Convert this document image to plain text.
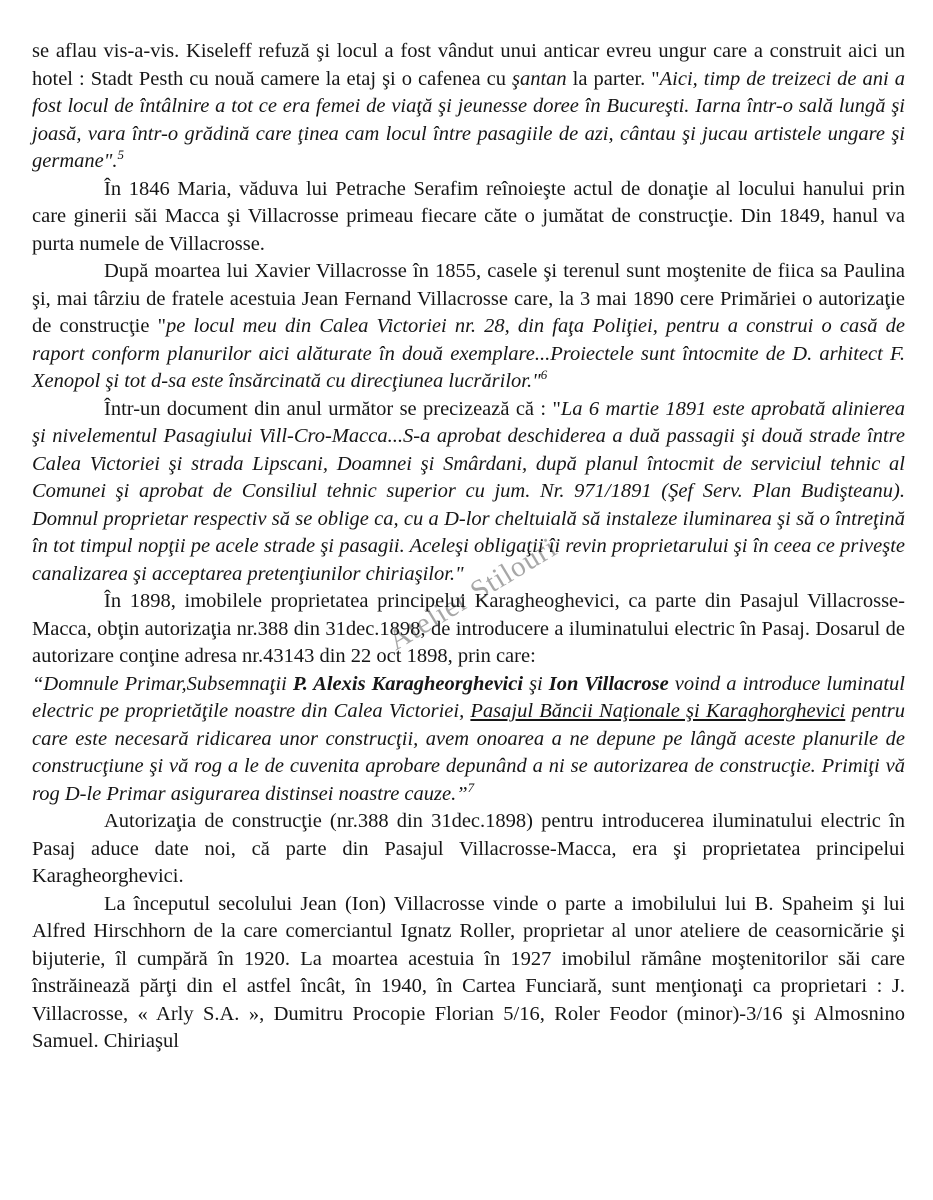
Atelier Stilouri

se aflau vis-a-vis. Kiseleff refuză şi locul a fost vândut unui anticar evreu ungur care a construit aici un hotel : Stadt Pesth cu nouă camere la etaj şi o cafenea cu şantan la parter. "Aici, timp de treizeci de ani a fost locul de întâlnire a tot ce era femei de viaţă şi jeunesse doree în Bucureşti. Iarna într-o sală lungă şi joasă, vara într-o grădină care ţinea cam locul între pasagiile de azi, cântau şi jucau artistele ungare şi germane".$^5$

În 1846 Maria, văduva lui Petrache Serafim reînoieşte actul de donaţie al locului hanului prin care ginerii săi Macca şi Villacrosse primeau fiecare căte o jumătat de construcţie. Din 1849, hanul va purta numele de Villacrosse.

După moartea lui Xavier Villacrosse în 1855, casele şi terenul sunt moştenite de fiica sa Paulina şi, mai târziu de fratele acestuia Jean Fernand Villacrosse care, la 3 mai 1890 cere Primăriei o autorizaţie de construcţie "pe locul meu din Calea Victoriei nr. 28, din faţa Poliţiei, pentru a construi o casă de raport conform planurilor aici alăturate în două exemplare...Proiectele sunt întocmite de D. arhitect F. Xenopol şi tot d-sa este însărcinată cu direcţiunea lucrărilor."$^6$

Într-un document din anul următor se precizează că : "La 6 martie 1891 este aprobată alinierea şi nivelementul Pasagiului Vill-Cro-Macca...S-a aprobat deschiderea a duă passagii şi două strade între Calea Victoriei şi strada Lipscani, Doamnei şi Smârdani, după planul întocmit de serviciul tehnic al Comunei şi aprobat de Consiliul tehnic superior cu jum. Nr. 971/1891 (Şef Serv. Plan Budişteanu). Domnul proprietar respectiv să se oblige ca, cu a D-lor cheltuială să instaleze iluminarea şi să o întreţină în tot timpul nopţii pe acele strade şi pasagii. Aceleşi obligaţii îi revin proprietarului şi în ceea ce priveşte canalizarea şi acceptarea pretenţiunilor chiriaşilor."

În 1898, imobilele proprietatea principelui Karagheoghevici, ca parte din Pasajul Villacrosse-Macca, obţin autorizaţia nr.388 din 31dec.1898, de introducere a iluminatului electric în Pasaj. Dosarul de autorizare conţine adresa nr.43143 din 22 oct 1898, prin care:

“Domnule Primar,Subsemnaţii P. Alexis Karagheorghevici şi Ion Villacrose voind a introduce luminatul electric pe proprietăţile noastre din Calea Victoriei, Pasajul Băncii Naţionale şi Karaghorghevici pentru care este necesară ridicarea unor construcţii, avem onoarea a ne depune pe lângă aceste planurile de construcţiune şi vă rog a le de cuvenita aprobare depunând a ni se autorizarea de construcţie. Primiţi vă rog D-le Primar asigurarea distinsei noastre cauze.”$^7$

Autorizaţia de construcţie (nr.388 din 31dec.1898) pentru introducerea iluminatului electric în Pasaj aduce date noi, că parte din Pasajul Villacrosse-Macca, era şi proprietatea principelui Karagheorghevici.

La începutul secolului Jean (Ion) Villacrosse vinde o parte a imobilului lui B. Spaheim şi lui Alfred Hirschhorn de la care comerciantul Ignatz Roller, proprietar al unor ateliere de ceasornicărie şi bijuterie, îl cumpără în 1920. La moartea acestuia în 1927 imobilul rămâne moştenitorilor săi care înstrăinează părţi din el astfel încât, în 1940, în Cartea Funciară, sunt menţionaţi ca proprietari : J. Villacrosse, « Arly S.A. », Dumitru Procopie Florian 5/16, Roler Feodor (minor)-3/16 şi Almosnino Samuel. Chiriaşul
